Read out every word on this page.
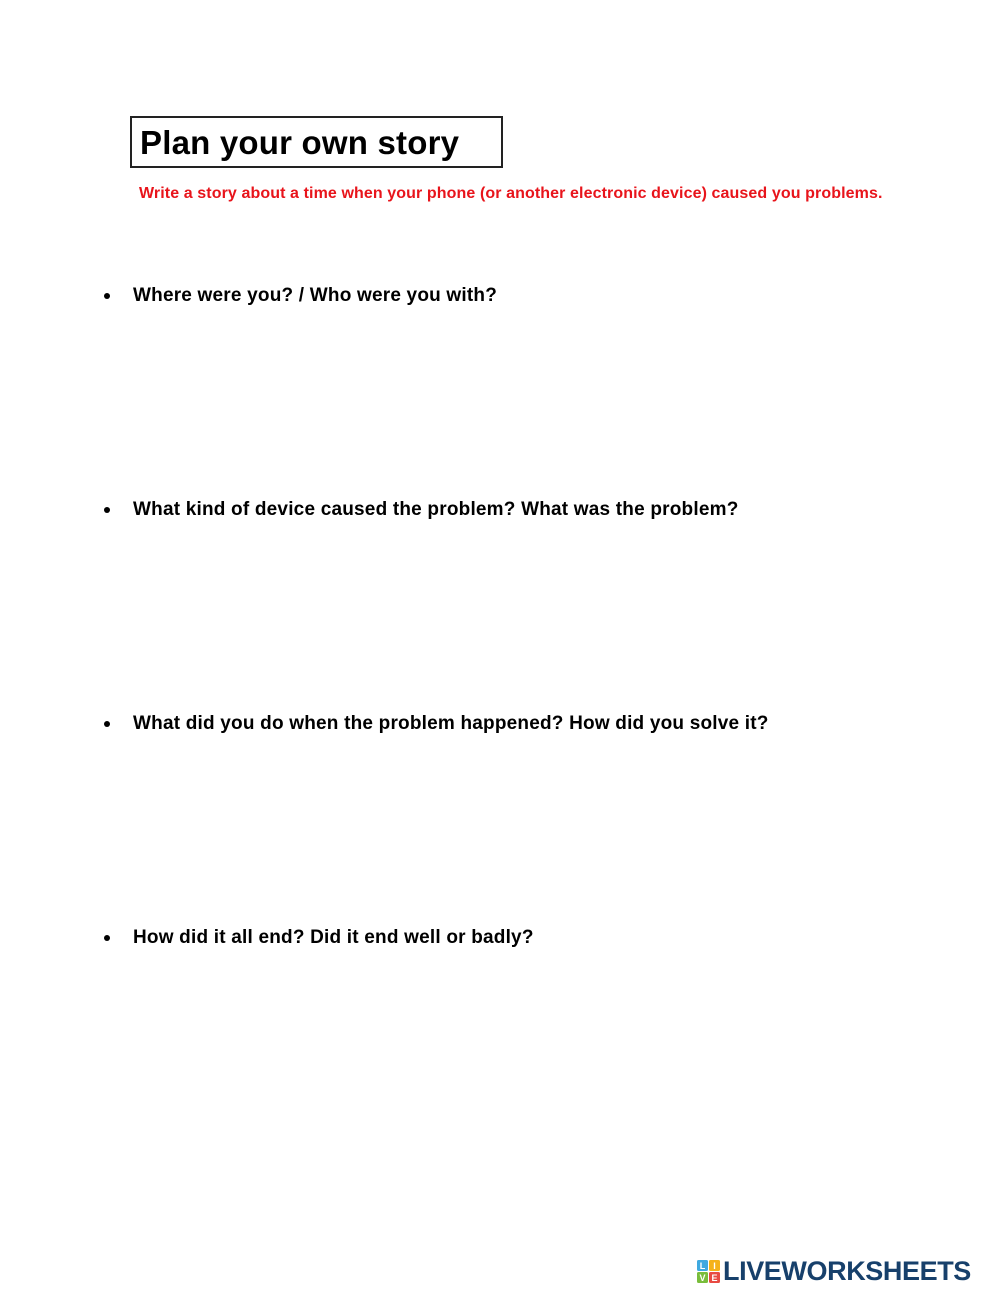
Plan your own story
Write a story about a time when your phone (or another electronic device) caused you problems.
Where were you? / Who were you with?
What kind of device caused the problem? What was the problem?
What did you do when the problem happened? How did you solve it?
How did it all end? Did it end well or badly?
L I
V E LIVEWORKSHEETS
